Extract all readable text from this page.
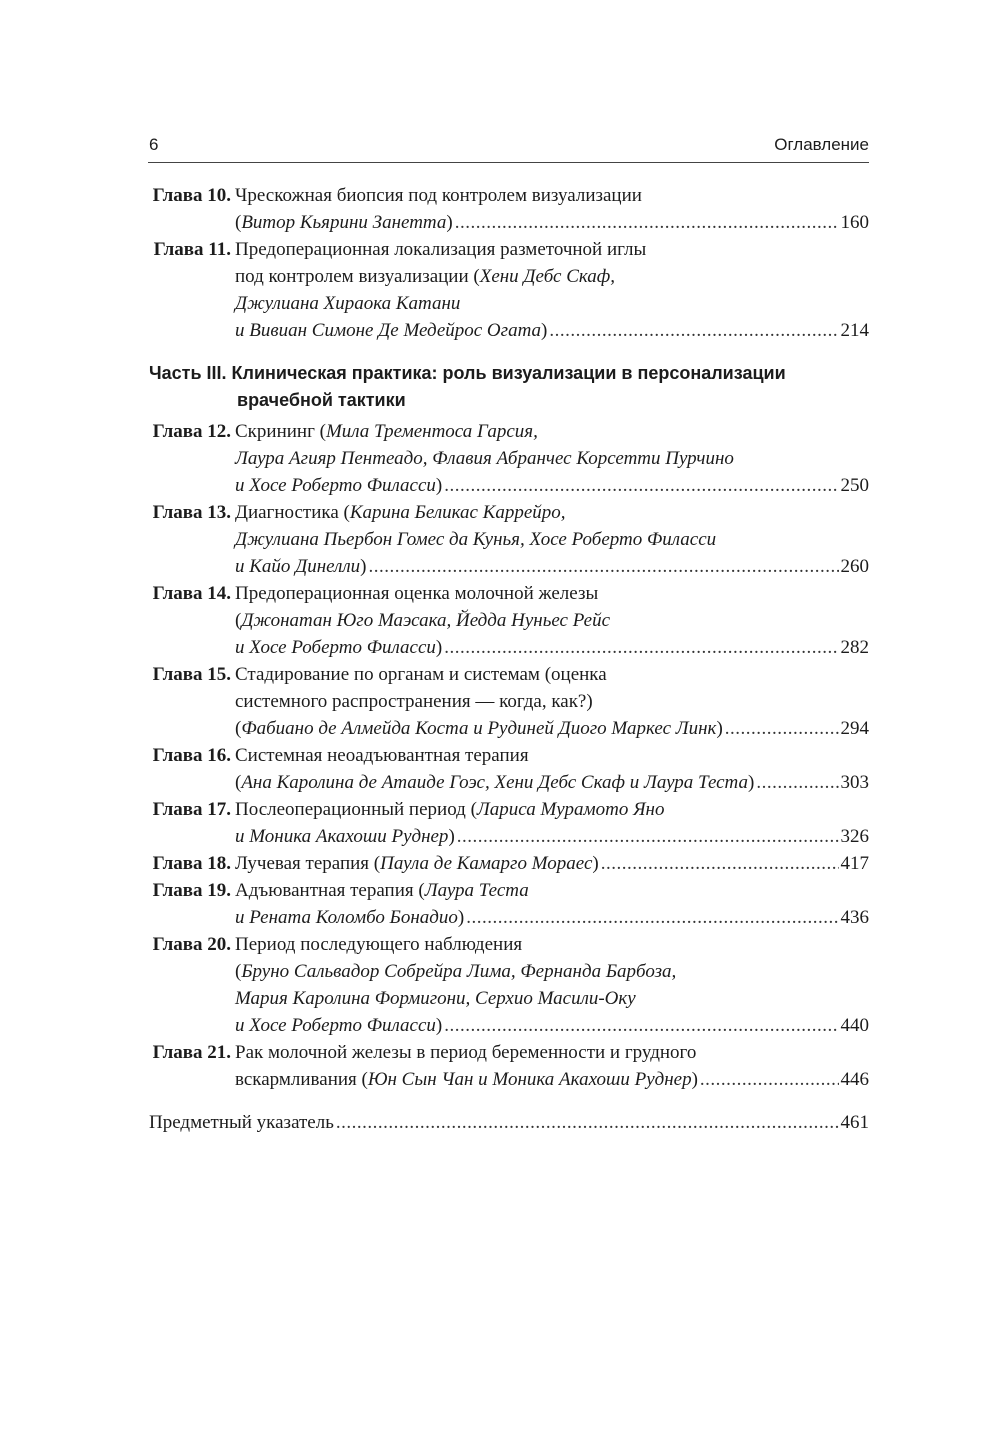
6	Оглавление
Глава 10. Чрескожная биопсия под контролем визуализации
(Витор Кьярини Занетта) .....	160
Глава 11. Предоперационная локализация разметочной иглы
под контролем визуализации (Хени Дебс Скаф,
Джулиана Хираока Катани
и Вивиан Симоне Де Медейрос Огата) .....	214
Часть III. Клиническая практика: роль визуализации в персонализации
врачебной тактики
Глава 12. Скрининг (Мила Трементоса Гарсия,
Лаура Агияр Пентеадо, Флавия Абранчес Корсетти Пурчино
и Хосе Роберто Филасси) .....	250
Глава 13. Диагностика (Карина Беликас Каррейро,
Джулиана Пьербон Гомес да Кунья, Хосе Роберто Филасси
и Кайо Динелли) .....	260
Глава 14. Предоперационная оценка молочной железы
(Джонатан Юго Маэсака, Йедда Нуньес Рейс
и Хосе Роберто Филасси) .....	282
Глава 15. Стадирование по органам и системам (оценка
системного распространения — когда, как?)
(Фабиано де Алмейда Коста и Рудиней Диого Маркес Линк) .....	294
Глава 16. Системная неоадъювантная терапия
(Ана Каролина де Атаиде Гоэс, Хени Дебс Скаф и Лаура Теста) .....	303
Глава 17. Послеоперационный период (Лариса Мурамото Яно
и Моника Акахоши Руднер) .....	326
Глава 18. Лучевая терапия (Паула де Камарго Мораес) .....	417
Глава 19. Адъювантная терапия (Лаура Теста
и Рената Коломбо Бонадио) .....	436
Глава 20. Период последующего наблюдения
(Бруно Сальвадор Собрейра Лима, Фернанда Барбоза,
Мария Каролина Формигони, Серхио Масили-Оку
и Хосе Роберто Филасси) .....	440
Глава 21. Рак молочной железы в период беременности и грудного
вскармливания (Юн Сын Чан и Моника Акахоши Руднер) .....	446
Предметный указатель .....	461
